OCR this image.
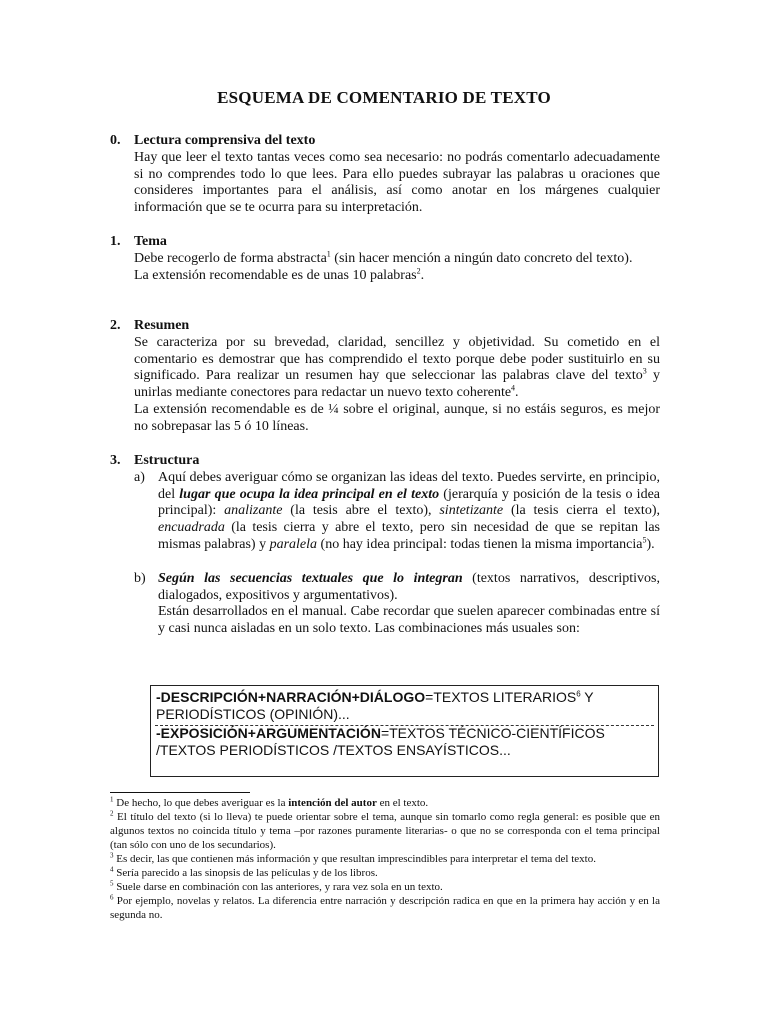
ESQUEMA DE COMENTARIO DE TEXTO
0. Lectura comprensiva del texto

Hay que leer el texto tantas veces como sea necesario: no podrás comentarlo adecuadamente si no comprendes todo lo que lees. Para ello puedes subrayar las palabras u oraciones que consideres importantes para el análisis, así como anotar en los márgenes cualquier información que se te ocurra para su interpretación.

1. Tema

Debe recogerlo de forma abstracta$^1$ (sin hacer mención a ningún dato concreto del texto).

La extensión recomendable es de unas 10 palabras$^2$.

2. Resumen

Se caracteriza por su brevedad, claridad, sencillez y objetividad. Su cometido en el comentario es demostrar que has comprendido el texto porque debe poder sustituirlo en su significado. Para realizar un resumen hay que seleccionar las palabras clave del texto$^3$ y unirlas mediante conectores para redactar un nuevo texto coherente$^4$.

La extensión recomendable es de ¼ sobre el original, aunque, si no estáis seguros, es mejor no sobrepasar las 5 ó 10 líneas.

3. Estructura
a) Aquí debes averiguar cómo se organizan las ideas del texto. Puedes servirte, en principio, del lugar que ocupa la idea principal en el texto (jerarquía y posición de la tesis o idea principal): analizante (la tesis abre el texto), sintetizante (la tesis cierra el texto), encuadrada (la tesis cierra y abre el texto, pero sin necesidad de que se repitan las mismas palabras) y paralela (no hay idea principal: todas tienen la misma importancia$^5$).

b) Según las secuencias textuales que lo integran (textos narrativos, descriptivos, dialogados, expositivos y argumentativos).

Están desarrollados en el manual. Cabe recordar que suelen aparecer combinadas entre sí y casi nunca aisladas en un solo texto. Las combinaciones más usuales son:

-DESCRIPCIÓN+NARRACIÓN+DIÁLOGO=TEXTOS LITERARIOS$^6$ Y PERIODÍSTICOS (OPINIÓN)...
-EXPOSICIÓN+ARGUMENTACIÓN=TEXTOS TÉCNICO-CIENTÍFICOS /TEXTOS PERIODÍSTICOS /TEXTOS ENSAYÍSTICOS...

$^1$ De hecho, lo que debes averiguar es la intención del autor en el texto.

$^2$ El título del texto (si lo lleva) te puede orientar sobre el tema, aunque sin tomarlo como regla general: es posible que en algunos textos no coincida título y tema –por razones puramente literarias- o que no se corresponda con el tema principal (tan sólo con uno de los secundarios).

$^3$ Es decir, las que contienen más información y que resultan imprescindibles para interpretar el tema del texto.

$^4$ Sería parecido a las sinopsis de las películas y de los libros.

$^5$ Suele darse en combinación con las anteriores, y rara vez sola en un texto.

$^6$ Por ejemplo, novelas y relatos. La diferencia entre narración y descripción radica en que en la primera hay acción y en la segunda no.
